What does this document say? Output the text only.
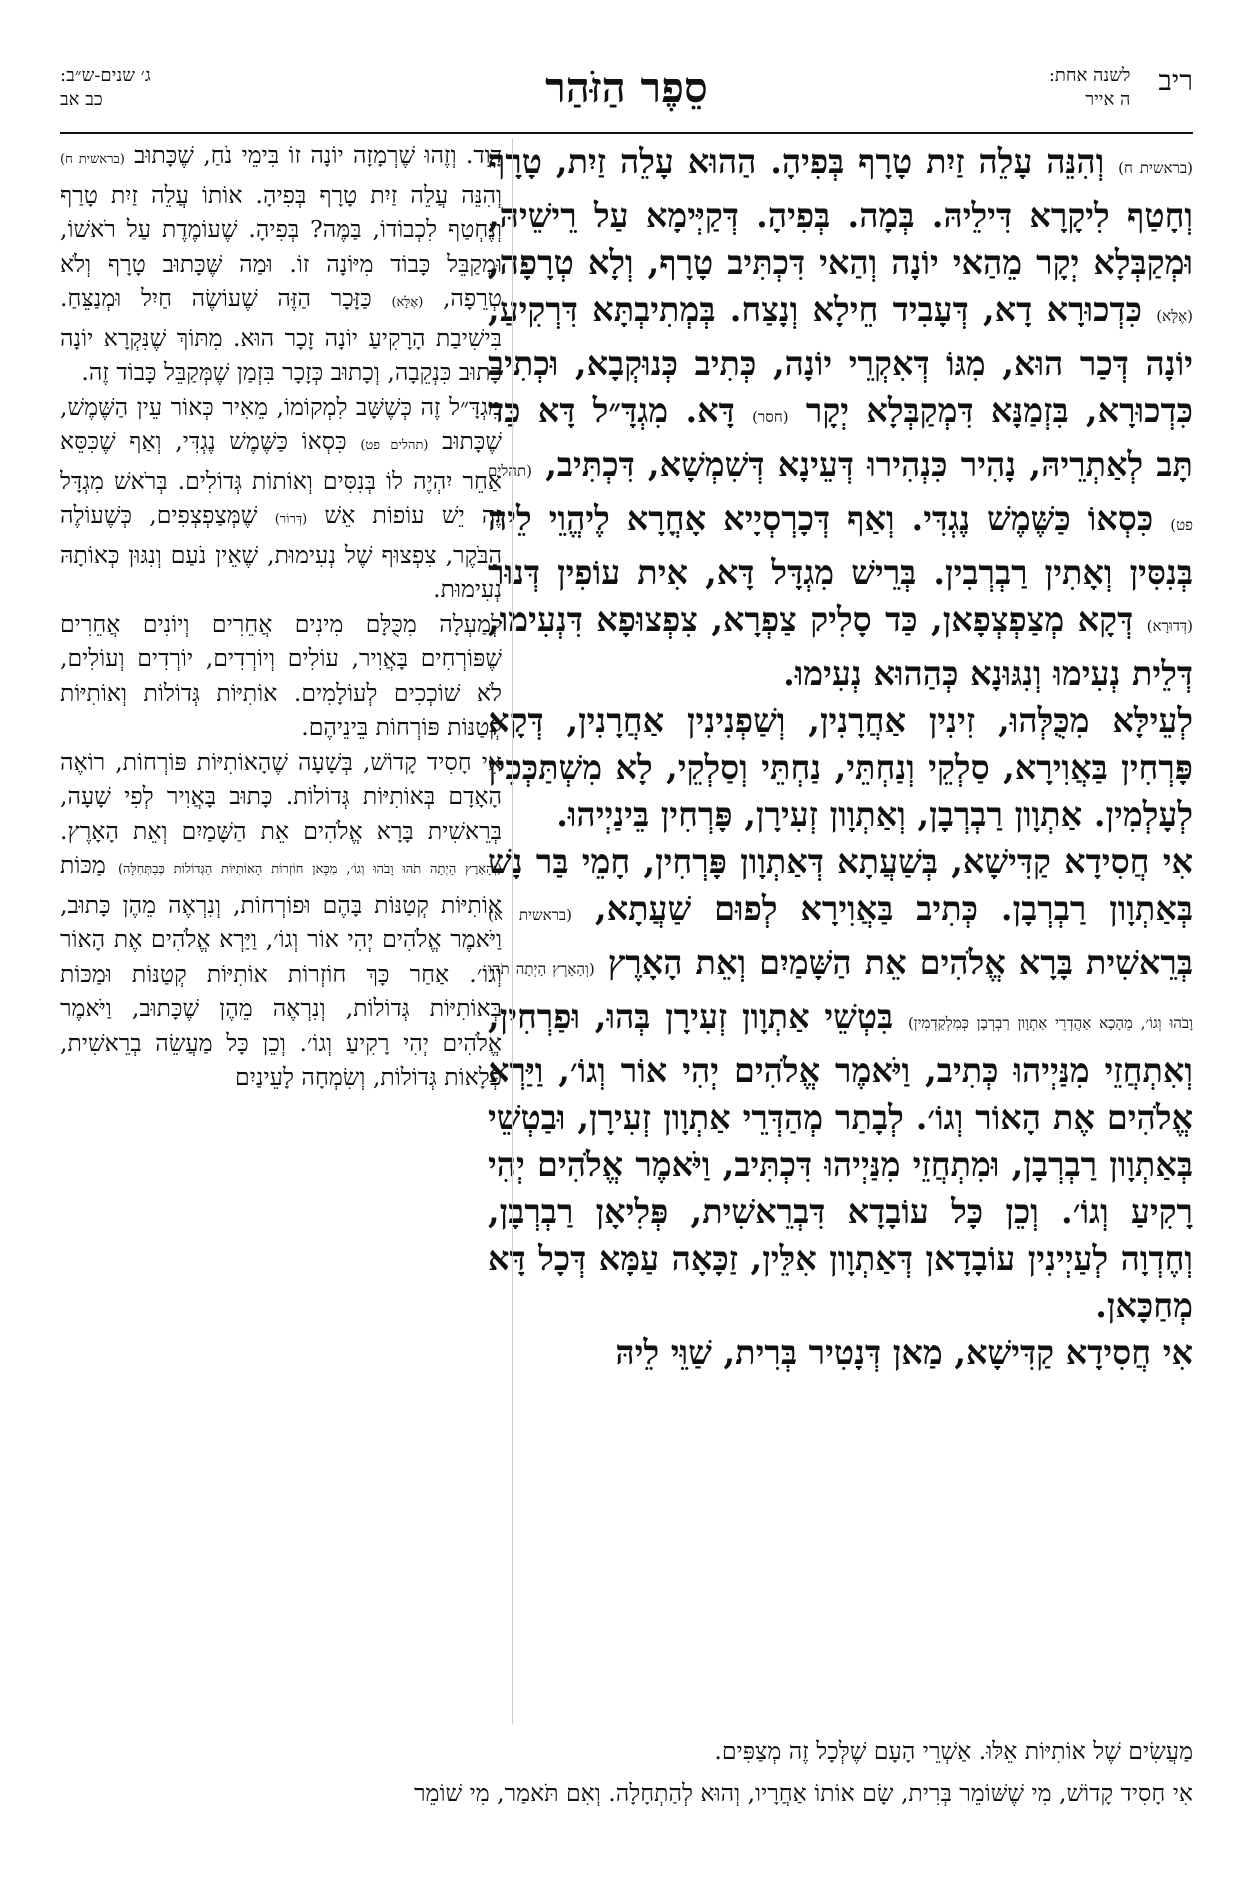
ריב
לשנה אחת:
ה אייר
סֵפֶר הַזֹּהַר
ג׳ שנים-ש״ב:
כב אב

(בראשית ח) וְהִנֵּה עָלֵה זַיִת טָרָף בְּפִיהָ. הַהוּא עָלֵה זַיִת, טָרָף וְחָטַף לִיקָרָא דִּילֵיהּ. בְּמָה. בְּפִיהָ. דְּקַיְּימָא עַל רֵישֵׁיהּ, וּמְקַבְּלָא יְקָר מֵהַאי יוֹנָה וְהַאי דִּכְתִּיב טָרָף, וְלָא טְרָפָה, (אֶלָּא) כִּדְכוּרָא דָא, דְּעָבִיד חֵילָא וְנָצַח. בְּמְתִיבְתָּא דִּרְקִיעַ, יוֹנָה דְּכַר הוּא, מִגּוֹ דְּאִקְרֵי יוֹנָה, כְּתִיב כְּנוּקְבָא, וּכְתִיב כִּדְכוּרָא, בִּזְמַנָּא דִּמְקַבְּלָא יְקָר (חסר) דָּא. מִגְדָּ״ל דָּא כַּד תָּב לְאַתְרֵיהּ, נָהִיר כִּנְהִירוּ דְּעֵינָא דְּשִׁמְשָׁא, דִּכְתִּיב, (תהלים פט) כִּסְאוֹ כַּשֶּׁמֶשׁ נֶגְדִּי. וְאַף דְּכָרְסְיָיא אָחֳרָא לֶיהֱוֵי לֵיהּ בְּנִסִּין וְאָתִין רַבְרְבִין. בְּרֵישׁ מִגְדָּל דָּא, אִית עוֹפִין דְּנוּר (דְּדוּרָא) דְּקָא מְצַפְצְפָאן, כַּד סָלִיק צַפְרָא, צִפְצוּפָא דִּנְעִימוּ, דְּלֵית נְעִימוּ וְנִגּוּנָא כְּהַהוּא נְעִימוּ.

לְעֵילָּא מִכֻּלְּהוּ, זִינִין אַחֲרָנִין, וְשַׁפְנִינִין אַחֲרָנִין, דְּקָא פָּרְחִין בַּאֲוִירָא, סַלְקֵי וְנַחְתֵּי, נַחְתֵּי וְסַלְקֵי, לָא מִשְׁתַּכְּכִין לְעָלְמִין. אַתְוָון רַבְרְבָן, וְאַתְוָון זְעִירָן, פָּרְחִין בֵּינַיְיהוּ.

אִי חֲסִידָא קַדִּישָׁא, בְּשַׁעֲתָא דְּאַתְוָון פָּרְחִין, חָמֵי בַּר נָשׁ בְּאַתְוָון רַבְרְבָן. כְּתִיב בַּאֲוִירָא לְפוּם שַׁעֲתָא, (בראשית א) בְּרֵאשִׁית בָּרָא אֱלֹהִים אֵת הַשָּׁמַיִם וְאֵת הָאָרֶץ (וְהָאָרֶץ הָיְתָה תֹהוּ וָבֹהוּ וְגוֹ׳, מֵהָכָא אַהֲדְרֵי אַתְוָון רַבְרְבָן כְּמִלְקַדְמִין) בִּטְשֵׁי אַתְוָון זְעִירָן בְּהוּ, וּפַרְחִין, וְאִתְחֲזֵי מִנַּיְיהוּ כְּתִיב, וַיֹּאמֶר אֱלֹהִים יְהִי אוֹר וְגוֹ׳, וַיַּרְא אֱלֹהִים אֶת הָאוֹר וְגוֹ׳. לְבָתַר מְהַדְּרֵי אַתְוָון זְעִירָן, וּבַטְשֵׁי בְּאַתְוָון רַבְרְבָן, וּמִתְחֲזֵי מִנַּיְיהוּ דִּכְתִּיב, וַיֹּאמֶר אֱלֹהִים יְהִי רָקִיעַ וְגוֹ׳. וְכֵן כָּל עוֹבָדָא דִּבְרֵאשִׁית, פְּלִיאָן רַבְרְבָן, וְחֶדְוָה לְעַיְינִין עוֹבָדָאן דְּאַתְוָון אִלֵּין, זַכָּאָה עַמָּא דְּכָל דָּא מְחַכָּאן.

אִי חֲסִידָא קַדִּישָׁא, מַאן דְּנָטִיר בְּרִית, שַׁוֵּי לֵיהּ

דָּוִד. וְזֶהוּ שֶׁרְמָזָה יוֹנָה זוֹ בִּימֵי נֹחַ, שֶׁכָּתוּב (בראשית ח) וְהִנֵּה עֲלֵה זַיִת טָרָף בְּפִיהָ. אוֹתוֹ עֲלֵה זַיִת טָרַף וְנֶחְטַף לִכְבוֹדוֹ, בַּמֶּה? בְּפִיהָ. שֶׁעוֹמֶדֶת עַל רֹאשׁוֹ, וּמְקַבֵּל כָּבוֹד מִיּוֹנָה זוֹ. וּמַה שֶּׁכָּתוּב טָרָף וְלֹא טְרֵפָה, (אֶלָּא) כַּזָּכָר הַזֶּה שֶׁעוֹשֶׂה חַיִל וּמְנַצֵּחַ. בִּישִׁיבַת הָרָקִיעַ יוֹנָה זָכָר הוּא. מִתּוֹךְ שֶׁנִּקְרָא יוֹנָה כָּתוּב כִּנְקֵבָה, וְכָתוּב כְּזָכָר בִּזְמַן שֶׁמְּקַבֵּל כָּבוֹד זֶה.

מִגְדָּ״ל זֶה כְּשֶׁשָּׁב לִמְקוֹמוֹ, מֵאִיר כְּאוֹר עֵין הַשֶּׁמֶשׁ, שֶׁכָּתוּב (תהלים פט) כִּסְאוֹ כַּשֶּׁמֶשׁ נֶגְדִּי, וְאַף שֶׁכִּסֵּא אַחֵר יִהְיֶה לוֹ בְּנִסִּים וְאוֹתוֹת גְּדוֹלִים. בְּרֹאשׁ מִגְדָּל זֶה יֵשׁ עוֹפוֹת אֵשׁ (דְּרוֹר) שֶׁמְּצַפְצְפִים, כְּשֶׁעוֹלֶה הַבֹּקֶר, צִפְצוּף שֶׁל נְעִימוּת, שֶׁאֵין נֹעַם וְנִגּוּן כְּאוֹתָהּ נְעִימוּת.

לְמַעְלָה מִכֻּלָּם מִינִים אֲחֵרִים וְיוֹנִים אֲחֵרִים שֶׁפּוֹרְחִים בָּאֲוִיר, עוֹלִים וְיוֹרְדִים, יוֹרְדִים וְעוֹלִים, לֹא שׁוֹכְכִים לְעוֹלָמִים. אוֹתִיּוֹת גְּדוֹלוֹת וְאוֹתִיּוֹת קְטַנּוֹת פּוֹרְחוֹת בֵּינֵיהֶם.

אִי חָסִיד קָדוֹשׁ, בְּשָׁעָה שֶׁהָאוֹתִיּוֹת פּוֹרְחוֹת, רוֹאֶה הָאָדָם בְּאוֹתִיּוֹת גְּדוֹלוֹת. כָּתוּב בָּאֲוִיר לְפִי שָׁעָה, בְּרֵאשִׁית בָּרָא אֱלֹהִים אֵת הַשָּׁמַיִם וְאֵת הָאָרֶץ. (וְהָאָרֶץ הָיְתָה תֹהוּ וָבֹהוּ וְגוֹ׳, מִכָּאן חוֹזְרוֹת הָאוֹתִיּוֹת הַגְּדוֹלוֹת כְּבַתְּחִלָּה) מַכּוֹת אוֹתִיּוֹת קְטַנּוֹת בָּהֶם וּפוֹרְחוֹת, וְנִרְאֶה מֵהֶן כָּתוּב, וַיֹּאמֶר אֱלֹהִים יְהִי אוֹר וְגוֹ׳, וַיַּרְא אֱלֹהִים אֶת הָאוֹר וְגוֹ׳. אַחַר כָּךְ חוֹזְרוֹת אוֹתִיּוֹת קְטַנּוֹת וּמַכּוֹת בְּאוֹתִיּוֹת גְּדוֹלוֹת, וְנִרְאֶה מֵהֶן שֶׁכָּתוּב, וַיֹּאמֶר אֱלֹהִים יְהִי רָקִיעַ וְגוֹ׳. וְכֵן כָּל מַעֲשֵׂה בְרֵאשִׁית, פְּלָאוֹת גְּדוֹלוֹת, וְשִׂמְחָה לָעֵינַיִם

מַעֲשִׂים שֶׁל אוֹתִיּוֹת אֵלּוּ. אַשְׁרֵי הָעָם שֶׁלְּכָל זֶה מְצַפִּים.

אִי חָסִיד קָדוֹשׁ, מִי שֶׁשּׁוֹמֵר בְּרִית, שָׂם אוֹתוֹ אַחֲרָיו, וְהוּא לְהַתְחָלָה. וְאִם תֹּאמַר, מִי שׁוֹמֵר
